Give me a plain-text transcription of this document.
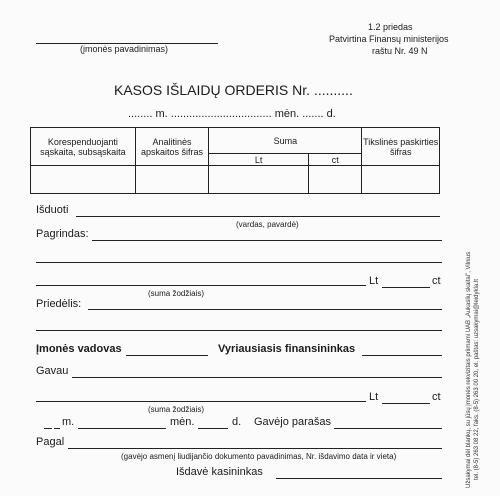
(įmonės pavadinimas)
1.2 priedas
Patvirtina Finansų ministerijos
raštu Nr. 49 N
KASOS IŠLAIDŲ ORDERIS Nr. ..........
........ m. ................................. mėn. ....... d.
Korespenduojanti sąskaita, subsąskaita	Analitinės apskaitos šifras	Suma		Tikslinės paskirties šifras
		Lt	ct	

Išduoti
(vardas, pavardė)
Pagrindas:
Lt	ct
(suma žodžiais)
Priedėlis:
Įmonės vadovas	Vyriausiasis finansininkas
Gavau
Lt	ct
(suma žodžiais)
m.	mėn.	d. Gavėjo parašas
Pagal
(gavėjo asmenį liudijančio dokumento pavadinimas, Nr. išdavimo data ir vieta)
Išdavė kasininkas	Užsakymai dėl blankų, su jūsų įmonės rekvizitais priimami UAB „Aukaslių skaitai", Vilnius tel. (8-5) 263 08 22, faks. (8-5) 263 00 20, el. paštas: uzsakymai@leidykla.lt
